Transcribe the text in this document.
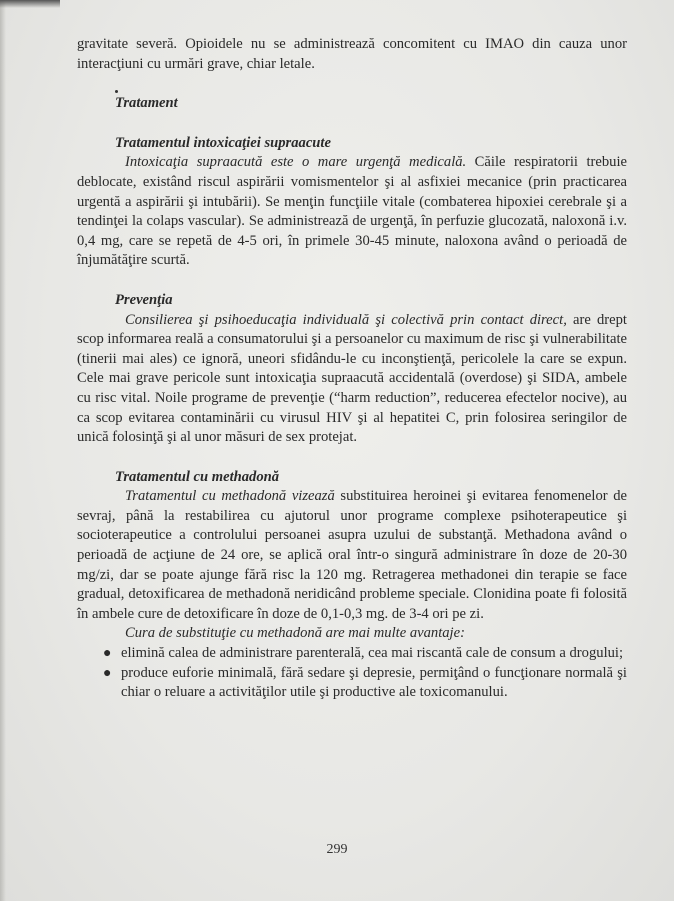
gravitate severă. Opioidele nu se administrează concomitent cu IMAO din cauza unor interacţiuni cu urmări grave, chiar letale.

Tratament

Tratamentul intoxicaţiei supraacute

Intoxicaţia supraacută este o mare urgenţă medicală. Căile respiratorii trebuie deblocate, existând riscul aspirării vomismentelor şi al asfixiei mecanice (prin practicarea urgentă a aspirării şi intubării). Se menţin funcţiile vitale (combaterea hipoxiei cerebrale şi a tendinţei la colaps vascular). Se administrează de urgenţă, în perfuzie glucozată, naloxonă i.v. 0,4 mg, care se repetă de 4-5 ori, în primele 30-45 minute, naloxona având o perioadă de înjumătăţire scurtă.

Prevenţia

Consilierea şi psihoeducaţia individuală şi colectivă prin contact direct, are drept scop informarea reală a consumatorului şi a persoanelor cu maximum de risc şi vulnerabilitate (tinerii mai ales) ce ignoră, uneori sfidându-le cu inconştienţă, pericolele la care se expun. Cele mai grave pericole sunt intoxicaţia supraacută accidentală (overdose) şi SIDA, ambele cu risc vital. Noile programe de prevenţie (“harm reduction”, reducerea efectelor nocive), au ca scop evitarea contaminării cu virusul HIV şi al hepatitei C, prin folosirea seringilor de unică folosinţă şi al unor măsuri de sex protejat.

Tratamentul cu methadonă

Tratamentul cu methadonă vizează substituirea heroinei şi evitarea fenomenelor de sevraj, până la restabilirea cu ajutorul unor programe complexe psihoterapeutice şi socioterapeutice a controlului persoanei asupra uzului de substanţă. Methadona având o perioadă de acţiune de 24 ore, se aplică oral într-o singură administrare în doze de 20-30 mg/zi, dar se poate ajunge fără risc la 120 mg. Retragerea methadonei din terapie se face gradual, detoxificarea de methadonă neridicând probleme speciale. Clonidina poate fi folosită în ambele cure de detoxificare în doze de 0,1-0,3 mg. de 3-4 ori pe zi.

Cura de substituţie cu methadonă are mai multe avantaje:

● elimină calea de administrare parenterală, cea mai riscantă cale de consum a drogului;
● produce euforie minimală, fără sedare şi depresie, permiţând o funcţionare normală şi chiar o reluare a activităţilor utile şi productive ale toxicomanului.
299
